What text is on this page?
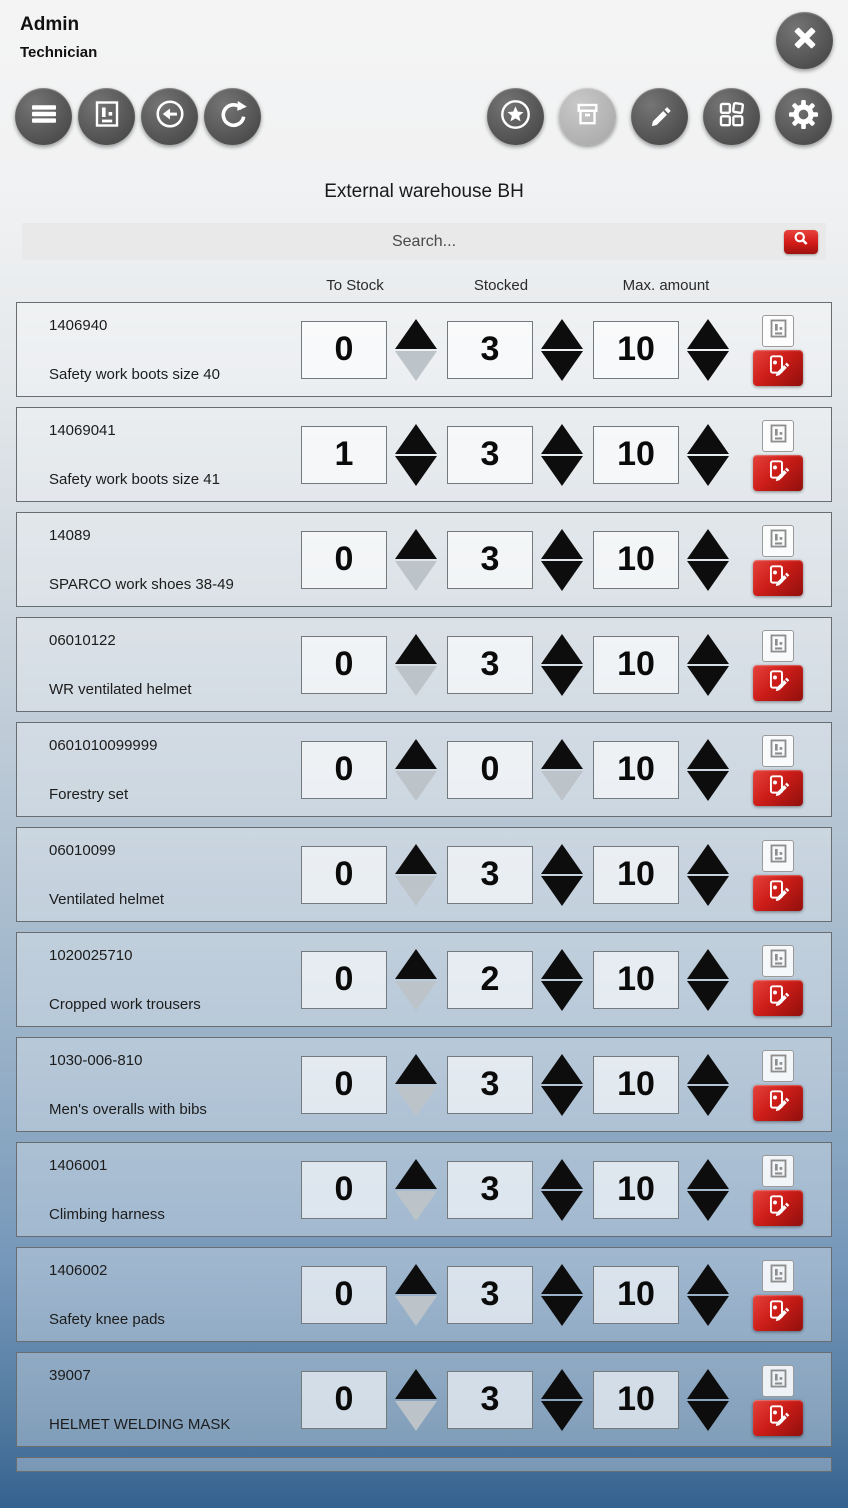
Admin
Technician
External warehouse BH
Search...
To Stock	Stocked	Max. amount
1406940
Safety work boots size 40
0	3	10
14069041
Safety work boots size 41
1	3	10
14089
SPARCO work shoes 38-49
0	3	10
06010122
WR ventilated helmet
0	3	10
0601010099999
Forestry set
0	0	10
06010099
Ventilated helmet
0	3	10
1020025710
Cropped work trousers
0	2	10
1030-006-810
Men's overalls with bibs
0	3	10
1406001
Climbing harness
0	3	10
1406002
Safety knee pads
0	3	10
39007
HELMET WELDING MASK
0	3	10
